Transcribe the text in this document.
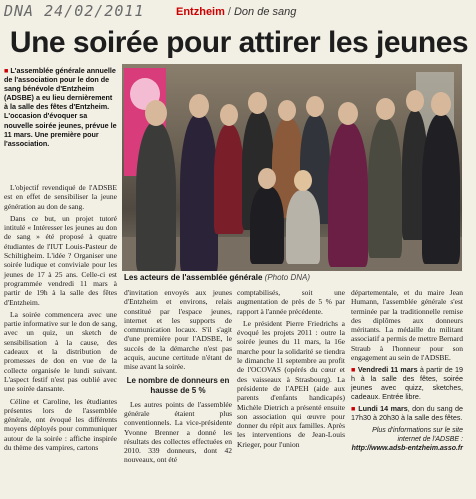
DNA 24/02/2011	Entzheim / Don de sang
Une soirée pour attirer les jeunes
■ L'assemblée générale annuelle de l'association pour le don de sang bénévole d'Entzheim (ADSBE) a eu lieu dernièrement à la salle des fêtes d'Entzheim. L'occasion d'évoquer sa nouvelle soirée jeunes, prévue le 11 mars. Une première pour l'association.
Les acteurs de l'assemblée générale (Photo DNA)

L'objectif revendiqué de l'ADSBE est en effet de sensibiliser la jeune génération au don de sang.

Dans ce but, un projet tutoré intitulé « Intéresser les jeunes au don de sang » été proposé à quatre étudiantes de l'IUT Louis-Pasteur de Schiltigheim. L'idée ? Organiser une soirée ludique et conviviale pour les jeunes de 17 à 25 ans. Celle-ci est programmée vendredi 11 mars à partir de 19h à la salle des fêtes d'Entzheim.

La soirée commencera avec une partie informative sur le don de sang, avec un quiz, un sketch de sensibilisation à la cause, des cadeaux et la distribution de promesses de don en vue de la collecte organisée le lundi suivant. L'aspect festif n'est pas oublié avec une soirée dansante.

Céline et Caroline, les étudiantes présentes lors de l'assemblée générale, ont évoqué les différents moyens déployés pour communiquer autour de la soirée : affiche inspirée du thème des vampires, cartons

d'invitation envoyés aux jeunes d'Entzheim et environs, relais constitué par l'espace jeunes, internet et les supports de communication locaux. S'il s'agit d'une première pour l'ADSBE, le succès de la démarche n'est pas acquis, aucune certitude n'étant de mise avant la soirée.

Le nombre de donneurs en hausse de 5 %

Les autres points de l'assemblée générale étaient plus conventionnels. La vice-présidente Yvonne Brenner a donné les résultats des collectes effectuées en 2010. 339 donneurs, dont 42 nouveaux, ont été

comptabilisés, soit une augmentation de près de 5 % par rapport à l'année précédente.

Le président Pierre Friedrichs a évoqué les projets 2011 : outre la soirée jeunes du 11 mars, la 16e marche pour la solidarité se tiendra le dimanche 11 septembre au profit de l'OCOVAS (opérés du cœur et des vaisseaux à Strasbourg). La présidente de l'APEH (aide aux parents d'enfants handicapés) Michèle Dietrich a présenté ensuite son association qui œuvre pour donner du répit aux familles. Après les interventions de Jean-Louis Krieger, pour l'union

départementale, et du maire Jean Humann, l'assemblée générale s'est terminée par la traditionnelle remise des diplômes aux donneurs méritants. La médaille du militant associatif a permis de mettre Bernard Straub à l'honneur pour son engagement au sein de l'ADSBE.

■ Vendredi 11 mars à partir de 19 h à la salle des fêtes, soirée jeunes avec quizz, sketches, cadeaux. Entrée libre.
■ Lundi 14 mars, don du sang de 17h30 à 20h30 à la salle des fêtes.
Plus d'informations sur le site internet de l'ADSBE :
http://www.adsb-entzheim.asso.fr
